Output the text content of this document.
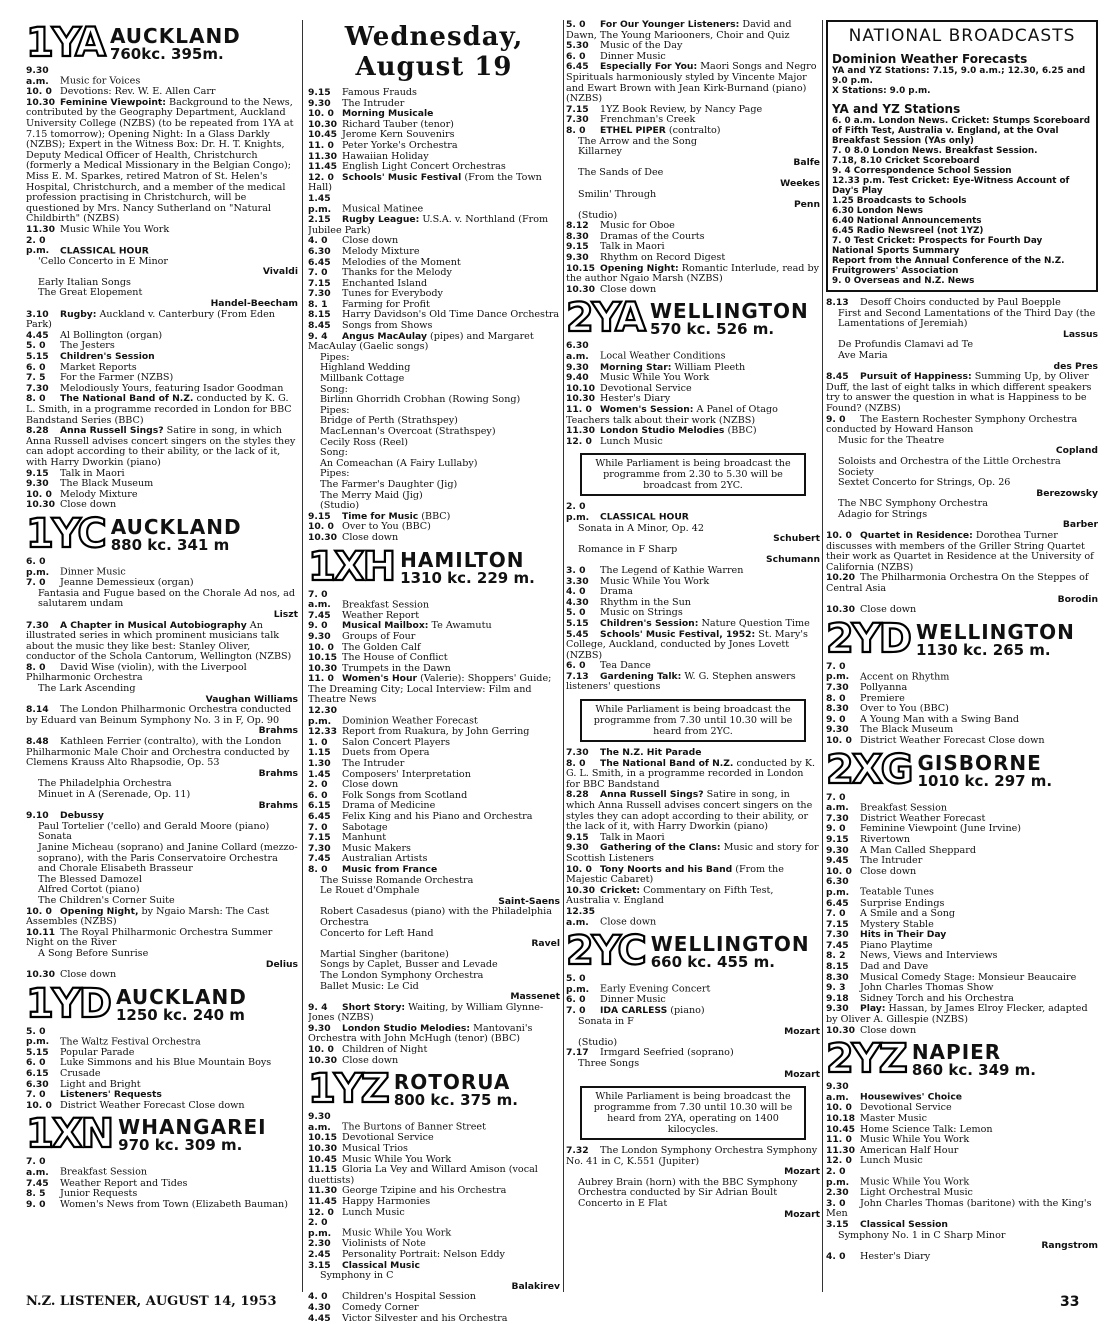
1YA AUCKLAND
760kc. 395m.
9.30 a.m. Music for Voices
10. 0 Devotions: Rev. W. E. Allen Carr
10.30 Feminine Viewpoint: Background to the News, contributed by the Geography Department, Auckland University College (NZBS) (to be repeated from 1YA at 7.15 tomorrow); Opening Night: In a Glass Darkly (NZBS); Expert in the Witness Box: Dr. H. T. Knights, Deputy Medical Officer of Health, Christchurch (formerly a Medical Missionary in the Belgian Congo); Miss E. M. Sparkes, retired Matron of St. Helen's Hospital, Christchurch, and a member of the medical profession practising in Christchurch, will be questioned by Mrs. Nancy Sutherland on "Natural Childbirth" (NZBS)
11.30 Music While You Work
2. 0 p.m. CLASSICAL HOUR
'Cello Concerto in E Minor
Vivaldi
Early Italian Songs
The Great Elopement
Handel-Beecham
3.10 Rugby: Auckland v. Canterbury (From Eden Park)
4.45 Al Bollington (organ)
5. 0 The Jesters
5.15 Children's Session
6. 0 Market Reports
7. 5 For the Farmer (NZBS)
7.30 Melodiously Yours, featuring Isador Goodman
8. 0 The National Band of N.Z. conducted by K. G. L. Smith, in a programme recorded in London for BBC Bandstand Series (BBC)
8.28 Anna Russell Sings? Satire in song, in which Anna Russell advises concert singers on the styles they can adopt according to their ability, or the lack of it, with Harry Dworkin (piano)
9.15 Talk in Maori
9.30 The Black Museum
10. 0 Melody Mixture
10.30 Close down
1YC AUCKLAND
880 kc. 341 m
6. 0 p.m. Dinner Music
7. 0 Jeanne Demessieux (organ)
Fantasia and Fugue based on the Chorale Ad nos, ad salutarem undam
Liszt
7.30 A Chapter in Musical Autobiography An illustrated series in which prominent musicians talk about the music they like best: Stanley Oliver, conductor of the Schola Cantorum, Wellington (NZBS)
8. 0 David Wise (violin), with the Liverpool Philharmonic Orchestra
The Lark Ascending
Vaughan Williams
8.14 The London Philharmonic Orchestra conducted by Eduard van Beinum Symphony No. 3 in F, Op. 90
Brahms
8.48 Kathleen Ferrier (contralto), with the London Philharmonic Male Choir and Orchestra conducted by Clemens Krauss Alto Rhapsodie, Op. 53
Brahms
The Philadelphia Orchestra
Minuet in A (Serenade, Op. 11)
Brahms
9.10 Debussy
Paul Tortelier ('cello) and Gerald Moore (piano)
Sonata
Janine Micheau (soprano) and Janine Collard (mezzo-soprano), with the Paris Conservatoire Orchestra and Chorale Elisabeth Brasseur
The Blessed Damozel
Alfred Cortot (piano)
The Children's Corner Suite
10. 0 Opening Night, by Ngaio Marsh: The Cast Assembles (NZBS)
10.11 The Royal Philharmonic Orchestra Summer Night on the River
A Song Before Sunrise
Delius
10.30 Close down
1YD AUCKLAND
1250 kc. 240 m
5. 0 p.m. The Waltz Festival Orchestra
5.15 Popular Parade
6. 0 Luke Simmons and his Blue Mountain Boys
6.15 Crusade
6.30 Light and Bright
7. 0 Listeners' Requests
10. 0 District Weather Forecast Close down
1XN WHANGAREI
970 kc. 309 m.
7. 0 a.m. Breakfast Session
7.45 Weather Report and Tides
8. 5 Junior Requests
9. 0 Women's News from Town (Elizabeth Bauman)
Wednesday, August 19
9.15 Famous Frauds
9.30 The Intruder
10. 0 Morning Musicale
10.30 Richard Tauber (tenor)
10.45 Jerome Kern Souvenirs
11. 0 Peter Yorke's Orchestra
11.30 Hawaiian Holiday
11.45 English Light Concert Orchestras
12. 0 Schools' Music Festival (From the Town Hall)
1.45 p.m. Musical Matinee
2.15 Rugby League: U.S.A. v. Northland (From Jubilee Park)
4. 0 Close down
6.30 Melody Mixture
6.45 Melodies of the Moment
7. 0 Thanks for the Melody
7.15 Enchanted Island
7.30 Tunes for Everybody
8. 1 Farming for Profit
8.15 Harry Davidson's Old Time Dance Orchestra
8.45 Songs from Shows
9. 4 Angus MacAulay (pipes) and Margaret MacAulay (Gaelic songs)
Pipes:
Highland Wedding
Millbank Cottage
Song:
Birlinn Ghorridh Crobhan (Rowing Song)
Pipes:
Bridge of Perth (Strathspey)
MacLennan's Overcoat (Strathspey)
Cecily Ross (Reel)
Song:
An Comeachan (A Fairy Lullaby)
Pipes:
The Farmer's Daughter (Jig)
The Merry Maid (Jig)
(Studio)
9.15 Time for Music (BBC)
10. 0 Over to You (BBC)
10.30 Close down
1XH HAMILTON
1310 kc. 229 m.
7. 0 a.m. Breakfast Session
7.45 Weather Report
9. 0 Musical Mailbox: Te Awamutu
9.30 Groups of Four
10. 0 The Golden Calf
10.15 The House of Conflict
10.30 Trumpets in the Dawn
11. 0 Women's Hour (Valerie): Shoppers' Guide; The Dreaming City; Local Interview: Film and Theatre News
12.30 p.m. Dominion Weather Forecast
12.33 Report from Ruakura, by John Gerring
1. 0 Salon Concert Players
1.15 Duets from Opera
1.30 The Intruder
1.45 Composers' Interpretation
2. 0 Close down
6. 0 Folk Songs from Scotland
6.15 Drama of Medicine
6.45 Felix King and his Piano and Orchestra
7. 0 Sabotage
7.15 Manhunt
7.30 Music Makers
7.45 Australian Artists
8. 0 Music from France
The Suisse Romande Orchestra
Le Rouet d'Omphale
Saint-Saens
Robert Casadesus (piano) with the Philadelphia Orchestra
Concerto for Left Hand
Ravel
Martial Singher (baritone)
Songs by Caplet, Busser and Levade
The London Symphony Orchestra
Ballet Music: Le Cid
Massenet
9. 4 Short Story: Waiting, by William Glynne-Jones (NZBS)
9.30 London Studio Melodies: Mantovani's Orchestra with John McHugh (tenor) (BBC)
10. 0 Children of Night
10.30 Close down
1YZ ROTORUA
800 kc. 375 m.
9.30 a.m. The Burtons of Banner Street
10.15 Devotional Service
10.30 Musical Trios
10.45 Music While You Work
11.15 Gloria La Vey and Willard Amison (vocal duettists)
11.30 George Tzipine and his Orchestra
11.45 Happy Harmonies
12. 0 Lunch Music
2. 0 p.m. Music While You Work
2.30 Violinists of Note
2.45 Personality Portrait: Nelson Eddy
3.15 Classical Music
Symphony in C
Balakirev
4. 0 Children's Hospital Session
4.30 Comedy Corner
4.45 Victor Silvester and his Orchestra
5. 0 For Our Younger Listeners: David and Dawn, The Young Mariooners, Choir and Quiz
5.30 Music of the Day
6. 0 Dinner Music
6.45 Especially For You: Maori Songs and Negro Spirituals harmoniously styled by Vincente Major and Ewart Brown with Jean Kirk-Burnand (piano) (NZBS)
7.15 1YZ Book Review, by Nancy Page
7.30 Frenchman's Creek
8. 0 ETHEL PIPER (contralto)
The Arrow and the Song
Killarney
Balfe
The Sands of Dee
Weekes
Smilin' Through
Penn
(Studio)
8.12 Music for Oboe
8.30 Dramas of the Courts
9.15 Talk in Maori
9.30 Rhythm on Record Digest
10.15 Opening Night: Romantic Interlude, read by the author Ngaio Marsh (NZBS)
10.30 Close down
2YA WELLINGTON
570 kc. 526 m.
6.30 a.m. Local Weather Conditions
9.30 Morning Star: William Pleeth
9.40 Music While You Work
10.10 Devotional Service
10.30 Hester's Diary
11. 0 Women's Session: A Panel of Otago Teachers talk about their work (NZBS)
11.30 London Studio Melodies (BBC)
12. 0 Lunch Music
While Parliament is being broadcast the programme from 2.30 to 5.30 will be broadcast from 2YC.
2. 0 p.m. CLASSICAL HOUR
Sonata in A Minor, Op. 42
Schubert
Romance in F Sharp
Schumann
3. 0 The Legend of Kathie Warren
3.30 Music While You Work
4. 0 Drama
4.30 Rhythm in the Sun
5. 0 Music on Strings
5.15 Children's Session: Nature Question Time
5.45 Schools' Music Festival, 1952: St. Mary's College, Auckland, conducted by Jones Lovett (NZBS)
6. 0 Tea Dance
7.13 Gardening Talk: W. G. Stephen answers listeners' questions
While Parliament is being broadcast the programme from 7.30 until 10.30 will be heard from 2YC.
7.30 The N.Z. Hit Parade
8. 0 The National Band of N.Z. conducted by K. G. L. Smith, in a programme recorded in London for BBC Bandstand
8.28 Anna Russell Sings? Satire in song, in which Anna Russell advises concert singers on the styles they can adopt according to their ability, or the lack of it, with Harry Dworkin (piano)
9.15 Talk in Maori
9.30 Gathering of the Clans: Music and story for Scottish Listeners
10. 0 Tony Noorts and his Band (From the Majestic Cabaret)
10.30 Cricket: Commentary on Fifth Test, Australia v. England
12.35 a.m. Close down
2YC WELLINGTON
660 kc. 455 m.
5. 0 p.m. Early Evening Concert
6. 0 Dinner Music
7. 0 IDA CARLESS (piano)
Sonata in F
Mozart
(Studio)
7.17 Irmgard Seefried (soprano)
Three Songs
Mozart
While Parliament is being broadcast the programme from 7.30 until 10.30 will be heard from 2YA, operating on 1400 kilocycles.
7.32 The London Symphony Orchestra Symphony No. 41 in C, K.551 (Jupiter)
Mozart
Aubrey Brain (horn) with the BBC Symphony Orchestra conducted by Sir Adrian Boult
Concerto in E Flat
Mozart
NATIONAL BROADCASTS
Dominion Weather Forecasts
YA and YZ Stations: 7.15, 9.0 a.m.; 12.30, 6.25 and 9.0 p.m.
X Stations: 9.0 p.m.
YA and YZ Stations
6. 0 a.m. London News. Cricket: Stumps Scoreboard of Fifth Test, Australia v. England, at the Oval
Breakfast Session (YAs only)
7. 0 8.0 London News. Breakfast Session.
7.18, 8.10 Cricket Scoreboard
9. 4 Correspondence School Session
12.33 p.m. Test Cricket: Eye-Witness Account of Day's Play
1.25 Broadcasts to Schools
6.30 London News
6.40 National Announcements
6.45 Radio Newsreel (not 1YZ)
7. 0 Test Cricket: Prospects for Fourth Day
National Sports Summary
Report from the Annual Conference of the N.Z. Fruitgrowers' Association
9. 0 Overseas and N.Z. News
8.13 Desoff Choirs conducted by Paul Boepple
First and Second Lamentations of the Third Day (the Lamentations of Jeremiah)
Lassus
De Profundis Clamavi ad Te
Ave Maria
des Pres
8.45 Pursuit of Happiness: Summing Up, by Oliver Duff, the last of eight talks in which different speakers try to answer the question in what is Happiness to be Found? (NZBS)
9. 0 The Eastern Rochester Symphony Orchestra conducted by Howard Hanson
Music for the Theatre
Copland
Soloists and Orchestra of the Little Orchestra Society
Sextet Concerto for Strings, Op. 26
Berezowsky
The NBC Symphony Orchestra
Adagio for Strings
Barber
10. 0 Quartet in Residence: Dorothea Turner discusses with members of the Griller String Quartet their work as Quartet in Residence at the University of California (NZBS)
10.20 The Philharmonia Orchestra On the Steppes of Central Asia
Borodin
10.30 Close down
2YD WELLINGTON
1130 kc. 265 m.
7. 0 p.m. Accent on Rhythm
7.30 Pollyanna
8. 0 Premiere
8.30 Over to You (BBC)
9. 0 A Young Man with a Swing Band
9.30 The Black Museum
10. 0 District Weather Forecast Close down
2XG GISBORNE
1010 kc. 297 m.
7. 0 a.m. Breakfast Session
7.30 District Weather Forecast
9. 0 Feminine Viewpoint (June Irvine)
9.15 Rivertown
9.30 A Man Called Sheppard
9.45 The Intruder
10. 0 Close down
6.30 p.m. Teatable Tunes
6.45 Surprise Endings
7. 0 A Smile and a Song
7.15 Mystery Stable
7.30 Hits in Their Day
7.45 Piano Playtime
8. 2 News, Views and Interviews
8.15 Dad and Dave
8.30 Musical Comedy Stage: Monsieur Beaucaire
9. 3 John Charles Thomas Show
9.18 Sidney Torch and his Orchestra
9.30 Play: Hassan, by James Elroy Flecker, adapted by Oliver A. Gillespie (NZBS)
10.30 Close down
2YZ NAPIER
860 kc. 349 m.
9.30 a.m. Housewives' Choice
10. 0 Devotional Service
10.18 Master Music
10.45 Home Science Talk: Lemon
11. 0 Music While You Work
11.30 American Half Hour
12. 0 Lunch Music
2. 0 p.m. Music While You Work
2.30 Light Orchestral Music
3. 0 John Charles Thomas (baritone) with the King's Men
3.15 Classical Session
Symphony No. 1 in C Sharp Minor
Rangstrom
4. 0 Hester's Diary
N.Z. LISTENER, AUGUST 14, 1953	33
